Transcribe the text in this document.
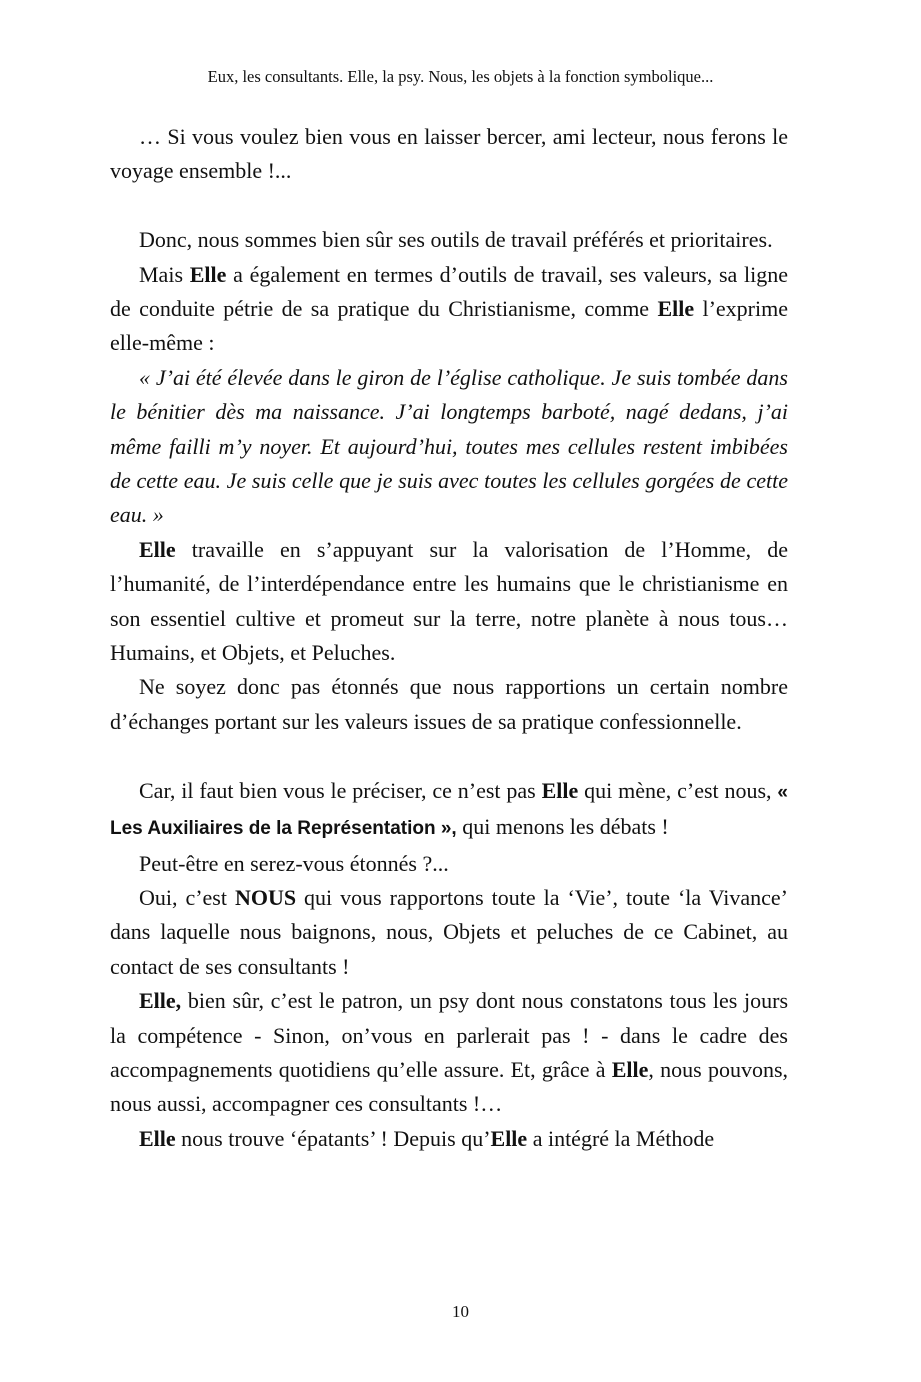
Eux, les consultants. Elle, la psy. Nous, les objets à la fonction symbolique...

… Si vous voulez bien vous en laisser bercer, ami lecteur, nous ferons le voyage ensemble !...

Donc, nous sommes bien sûr ses outils de travail préférés et prioritaires.

Mais Elle a également en termes d’outils de travail, ses valeurs, sa ligne de conduite pétrie de sa pratique du Christianisme, comme Elle l’exprime elle-même :

« J’ai été élevée dans le giron de l’église catholique. Je suis tombée dans le bénitier dès ma naissance. J’ai longtemps barboté, nagé dedans, j’ai même failli m’y noyer. Et aujourd’hui, toutes mes cellules restent imbibées de cette eau. Je suis celle que je suis avec toutes les cellules gorgées de cette eau. »

Elle travaille en s’appuyant sur la valorisation de l’Homme, de l’humanité, de l’interdépendance entre les humains que le christianisme en son essentiel cultive et promeut sur la terre, notre planète à nous tous… Humains, et Objets, et Peluches.

Ne soyez donc pas étonnés que nous rapportions un certain nombre d’échanges portant sur les valeurs issues de sa pratique confessionnelle.

Car, il faut bien vous le préciser, ce n’est pas Elle qui mène, c’est nous, « Les Auxiliaires de la Représentation », qui menons les débats !

Peut-être en serez-vous étonnés ?...

Oui, c’est NOUS qui vous rapportons toute la ‘Vie’, toute ‘la Vivance’ dans laquelle nous baignons, nous, Objets et peluches de ce Cabinet, au contact de ses consultants !

Elle, bien sûr, c’est le patron, un psy dont nous constatons tous les jours la compétence - Sinon, on’vous en parlerait pas ! - dans le cadre des accompagnements quotidiens qu’elle assure. Et, grâce à Elle, nous pouvons, nous aussi, accompagner ces consultants !…

Elle nous trouve ‘épatants’ ! Depuis qu’Elle a intégré la Méthode

10
